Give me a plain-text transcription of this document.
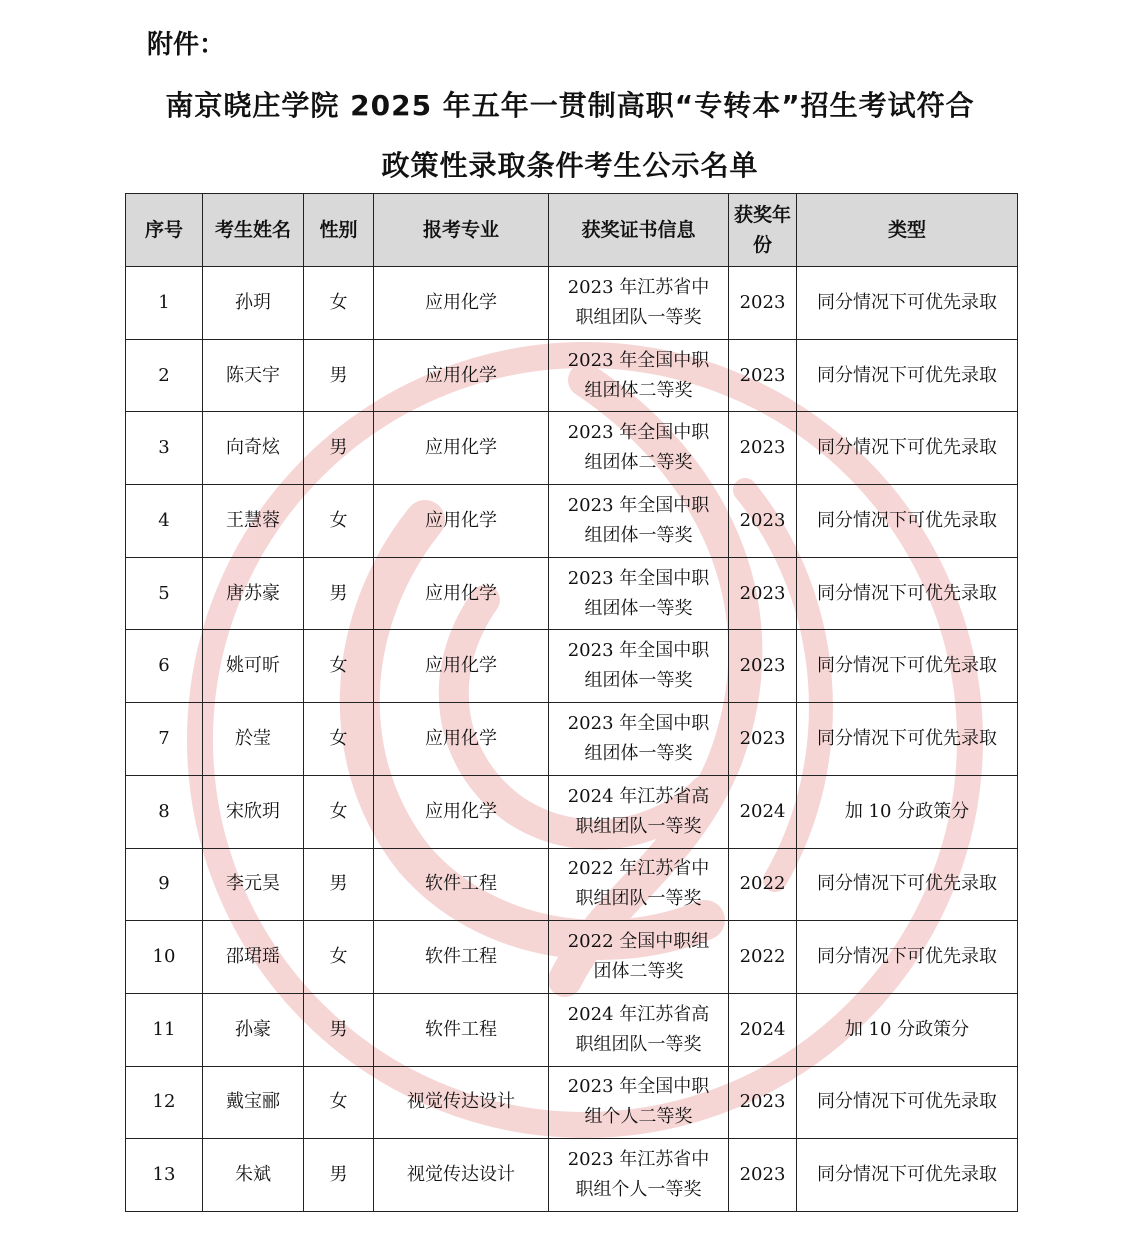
附件：
南京晓庄学院 2025 年五年一贯制高职“专转本”招生考试符合
政策性录取条件考生公示名单
序号	考生姓名	性别	报考专业	获奖证书信息	获奖年份	类型
1	孙玥	女	应用化学	2023 年江苏省中职组团队一等奖	2023	同分情况下可优先录取
2	陈天宇	男	应用化学	2023 年全国中职组团体二等奖	2023	同分情况下可优先录取
3	向奇炫	男	应用化学	2023 年全国中职组团体二等奖	2023	同分情况下可优先录取
4	王慧蓉	女	应用化学	2023 年全国中职组团体一等奖	2023	同分情况下可优先录取
5	唐苏豪	男	应用化学	2023 年全国中职组团体一等奖	2023	同分情况下可优先录取
6	姚可昕	女	应用化学	2023 年全国中职组团体一等奖	2023	同分情况下可优先录取
7	於莹	女	应用化学	2023 年全国中职组团体一等奖	2023	同分情况下可优先录取
8	宋欣玥	女	应用化学	2024 年江苏省高职组团队一等奖	2024	加 10 分政策分
9	李元昊	男	软件工程	2022 年江苏省中职组团队一等奖	2022	同分情况下可优先录取
10	邵珺瑶	女	软件工程	2022 全国中职组团体二等奖	2022	同分情况下可优先录取
11	孙豪	男	软件工程	2024 年江苏省高职组团队一等奖	2024	加 10 分政策分
12	戴宝郦	女	视觉传达设计	2023 年全国中职组个人二等奖	2023	同分情况下可优先录取
13	朱斌	男	视觉传达设计	2023 年江苏省中职组个人一等奖	2023	同分情况下可优先录取
